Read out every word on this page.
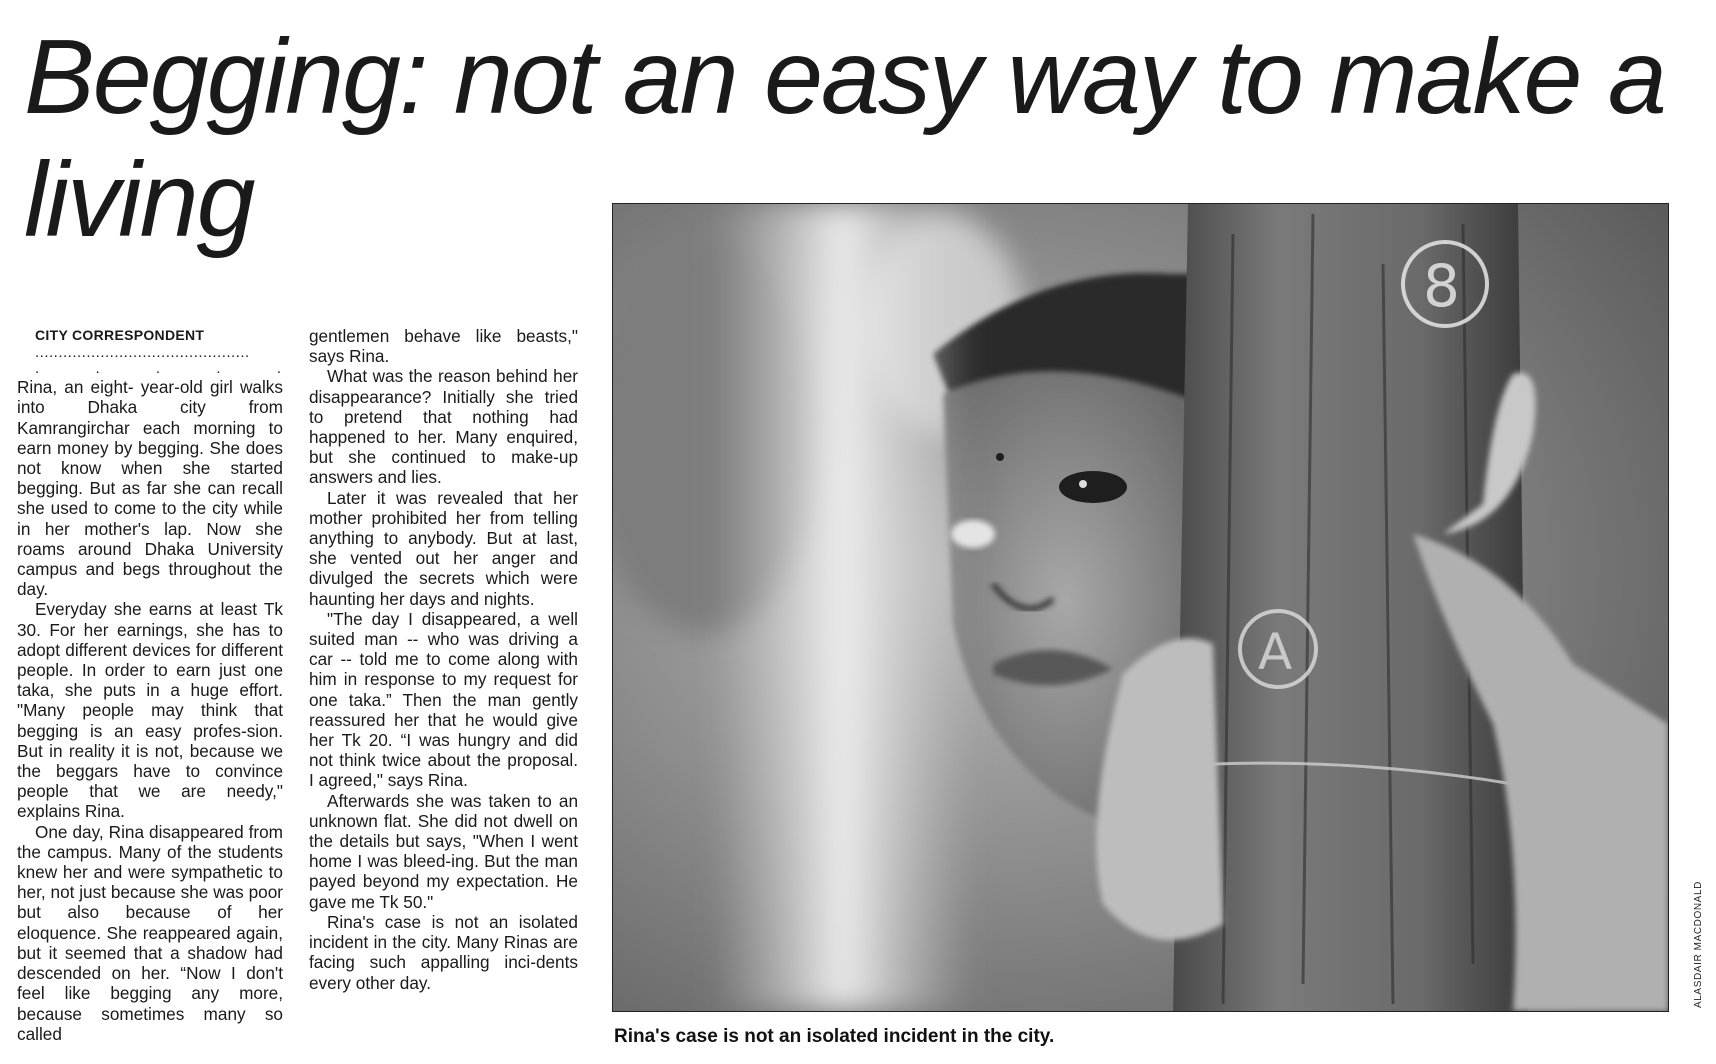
Begging: not an easy way to make a living

CITY CORRESPONDENT

..............................................

.	.	.	.	.

Rina, an eight- year-old girl walks into Dhaka city from Kamrangirchar each morning to earn money by begging. She does not know when she started begging. But as far she can recall she used to come to the city while in her mother's lap. Now she roams around Dhaka University campus and begs throughout the day.

Everyday she earns at least Tk 30. For her earnings, she has to adopt different devices for different people. In order to earn just one taka, she puts in a huge effort. "Many people may think that begging is an easy profes-sion. But in reality it is not, because we the beggars have to convince people that we are needy," explains Rina.

One day, Rina disappeared from the campus. Many of the students knew her and were sympathetic to her, not just because she was poor but also because of her eloquence. She reappeared again, but it seemed that a shadow had descended on her. “Now I don't feel like begging any more, because sometimes many so called

gentlemen behave like beasts," says Rina.

What was the reason behind her disappearance? Initially she tried to pretend that nothing had happened to her. Many enquired, but she continued to make-up answers and lies.

Later it was revealed that her mother prohibited her from telling anything to anybody. But at last, she vented out her anger and divulged the secrets which were haunting her days and nights.

"The day I disappeared, a well suited man -- who was driving a car -- told me to come along with him in response to my request for one taka.” Then the man gently reassured her that he would give her Tk 20. “I was hungry and did not think twice about the proposal. I agreed," says Rina.

Afterwards she was taken to an unknown flat. She did not dwell on the details but says, "When I went home I was bleed-ing. But the man payed beyond my expectation. He gave me Tk 50."

Rina's case is not an isolated incident in the city. Many Rinas are facing such appalling inci-dents every other day.

8
A
ALASDAIR MACDONALD
Rina's case is not an isolated incident in the city.
